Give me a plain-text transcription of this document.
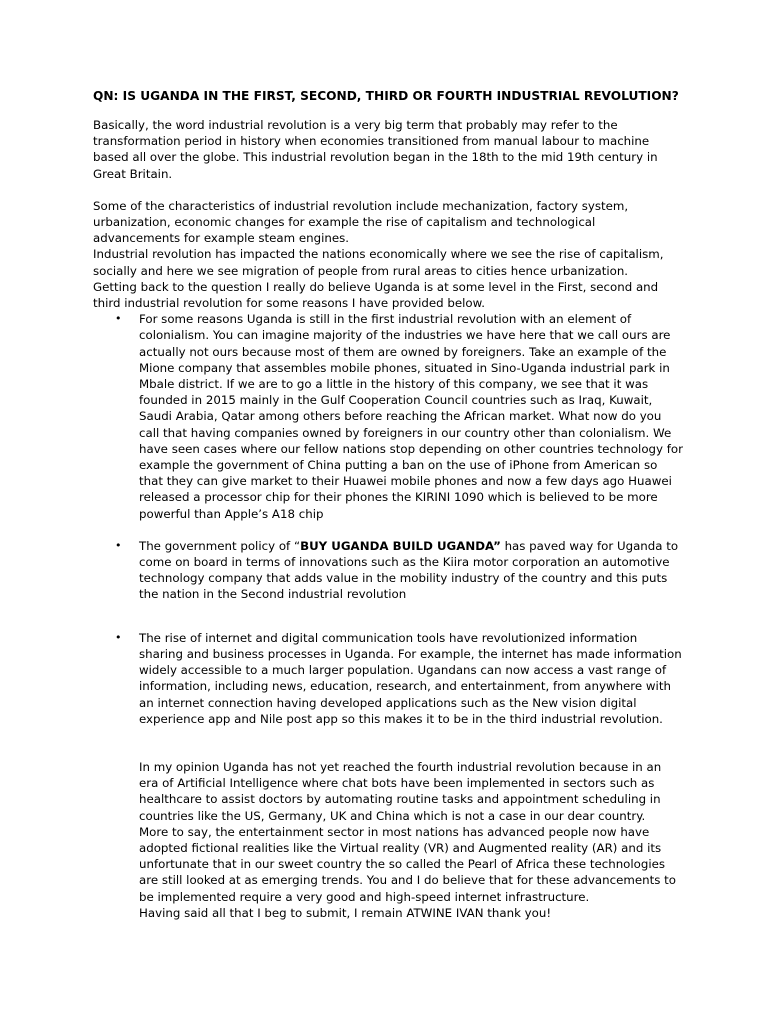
QN: IS UGANDA IN THE FIRST, SECOND, THIRD OR FOURTH INDUSTRIAL REVOLUTION?

Basically, the word industrial revolution is a very big term that probably may refer to the transformation period in history when economies transitioned from manual labour to machine based all over the globe. This industrial revolution began in the 18th to the mid 19th century in Great Britain.

Some of the characteristics of industrial revolution include mechanization, factory system, urbanization, economic changes for example the rise of capitalism and technological advancements for example steam engines.

Industrial revolution has impacted the nations economically where we see the rise of capitalism, socially and here we see migration of people from rural areas to cities hence urbanization.

Getting back to the question I really do believe Uganda is at some level in the First, second and third industrial revolution for some reasons I have provided below.

• For some reasons Uganda is still in the first industrial revolution with an element of colonialism. You can imagine majority of the industries we have here that we call ours are actually not ours because most of them are owned by foreigners. Take an example of the Mione company that assembles mobile phones, situated in Sino-Uganda industrial park in Mbale district. If we are to go a little in the history of this company, we see that it was founded in 2015 mainly in the Gulf Cooperation Council countries such as Iraq, Kuwait, Saudi Arabia, Qatar among others before reaching the African market. What now do you call that having companies owned by foreigners in our country other than colonialism. We have seen cases where our fellow nations stop depending on other countries technology for example the government of China putting a ban on the use of iPhone from American so that they can give market to their Huawei mobile phones and now a few days ago Huawei released a processor chip for their phones the KIRINI 1090 which is believed to be more powerful than Apple’s A18 chip
• The government policy of “BUY UGANDA BUILD UGANDA” has paved way for Uganda to come on board in terms of innovations such as the Kiira motor corporation an automotive technology company that adds value in the mobility industry of the country and this puts the nation in the Second industrial revolution
• The rise of internet and digital communication tools have revolutionized information sharing and business processes in Uganda. For example, the internet has made information widely accessible to a much larger population. Ugandans can now access a vast range of information, including news, education, research, and entertainment, from anywhere with an internet connection having developed applications such as the New vision digital experience app and Nile post app so this makes it to be in the third industrial revolution.

In my opinion Uganda has not yet reached the fourth industrial revolution because in an era of Artificial Intelligence where chat bots have been implemented in sectors such as healthcare to assist doctors by automating routine tasks and appointment scheduling in countries like the US, Germany, UK and China which is not a case in our dear country.

More to say, the entertainment sector in most nations has advanced people now have adopted fictional realities like the Virtual reality (VR) and Augmented reality (AR) and its unfortunate that in our sweet country the so called the Pearl of Africa these technologies are still looked at as emerging trends. You and I do believe that for these advancements to be implemented require a very good and high-speed internet infrastructure.

Having said all that I beg to submit, I remain ATWINE IVAN thank you!
